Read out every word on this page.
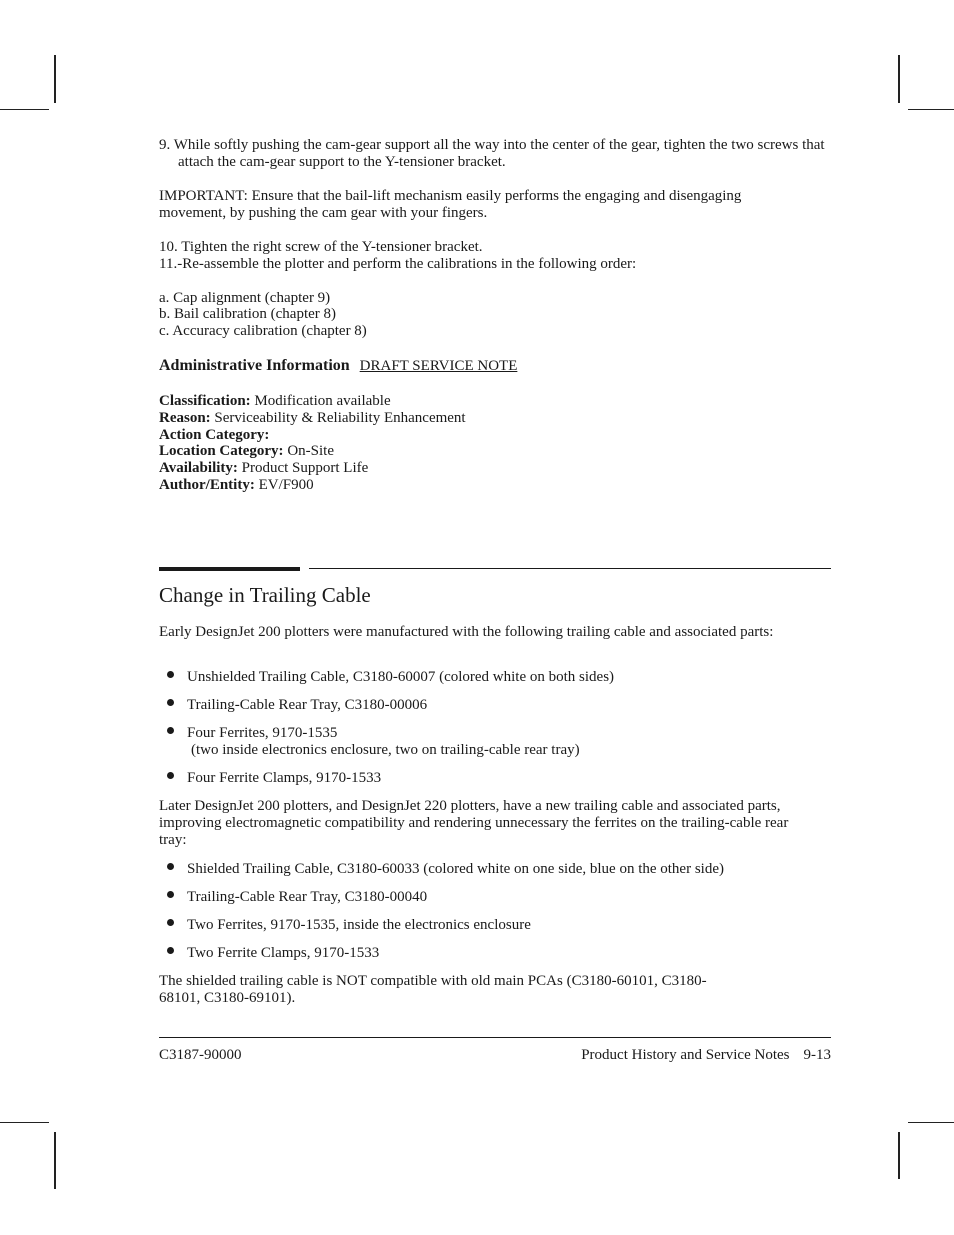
9. While softly pushing the cam-gear support all the way into the center of the gear, tighten the two screws that attach the cam-gear support to the Y-tensioner bracket.
IMPORTANT: Ensure that the bail-lift mechanism easily performs the engaging and disengaging movement, by pushing the cam gear with your fingers.
10. Tighten the right screw of the Y-tensioner bracket.
11.-Re-assemble the plotter and perform the calibrations in the following order:
a. Cap alignment (chapter 9)
b. Bail calibration (chapter 8)
c. Accuracy calibration (chapter 8)
Administrative Information DRAFT SERVICE NOTE
Classification: Modification available
Reason: Serviceability & Reliability Enhancement
Action Category:
Location Category: On-Site
Availability: Product Support Life
Author/Entity: EV/F900
Change in Trailing Cable
Early DesignJet 200 plotters were manufactured with the following trailing cable and associated parts:
Unshielded Trailing Cable, C3180-60007 (colored white on both sides)
Trailing-Cable Rear Tray, C3180-00006
Four Ferrites, 9170-1535
(two inside electronics enclosure, two on trailing-cable rear tray)
Four Ferrite Clamps, 9170-1533
Later DesignJet 200 plotters, and DesignJet 220 plotters, have a new trailing cable and associated parts, improving electromagnetic compatibility and rendering unnecessary the ferrites on the trailing-cable rear tray:
Shielded Trailing Cable, C3180-60033 (colored white on one side, blue on the other side)
Trailing-Cable Rear Tray, C3180-00040
Two Ferrites, 9170-1535, inside the electronics enclosure
Two Ferrite Clamps, 9170-1533
The shielded trailing cable is NOT compatible with old main PCAs (C3180-60101, C3180-68101, C3180-69101).
C3187-90000	Product History and Service Notes 9-13
